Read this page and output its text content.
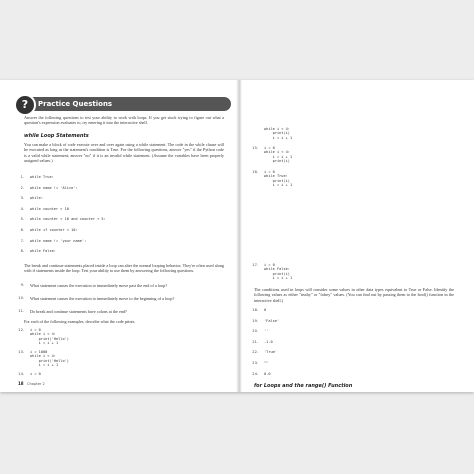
?	Practice Questions
Answer the following questions to test your ability to work with loops. If you get stuck trying to figure out what a question's expression evaluates to, try entering it into the interactive shell.
while Loop Statements
You can make a block of code execute over and over again using a while statement. The code in the while clause will be executed as long as the statement's condition is True. For the following questions, answer "yes" if the Python code is a valid while statement; answer "no" if it is an invalid while statement. (Assume the variables have been properly assigned values.)
1. while True:
2. while name != 'Alice':
3. while:
4. while counter > 10
5. while counter > 10 and counter < 5:
6. while if counter < 10:
7. while name != 'your name':
8. while False:
The break and continue statements placed inside a loop can alter the normal looping behavior. They're often used along with if statements inside the loop. Test your ability to use them by answering the following questions.
9. What statement causes the execution to immediately move past the end of a loop?
10. What statement causes the execution to immediately move to the beginning of a loop?
11. Do break and continue statements have colons at the end?
For each of the following examples, describe what the code prints.
12. i = 0
while i < 4:
print('Hello')
i = i + 1
13. i = 1000
while i < 4:
print('Hello')
i = i + 1
14. i = 0
18 Chapter 2
while i < 4:
print(i)
i = i + 1
15. i = 0
while i < 4:
i = i + 1
print(i)
16. i = 0
while True:
print(i)
i = i + 1
17. i = 0
while False:
print(i)
i = i + 1
The conditions used in loops will consider some values in other data types equivalent to True or False. Identify the following values as either "truthy" or "falsey" values. (You can find out by passing them to the bool() function in the interactive shell.)
18. 0
19. 'False'
20. ''
21. -1.0
22. 'True'
23. ""
24. 0.0
for Loops and the range() Function
